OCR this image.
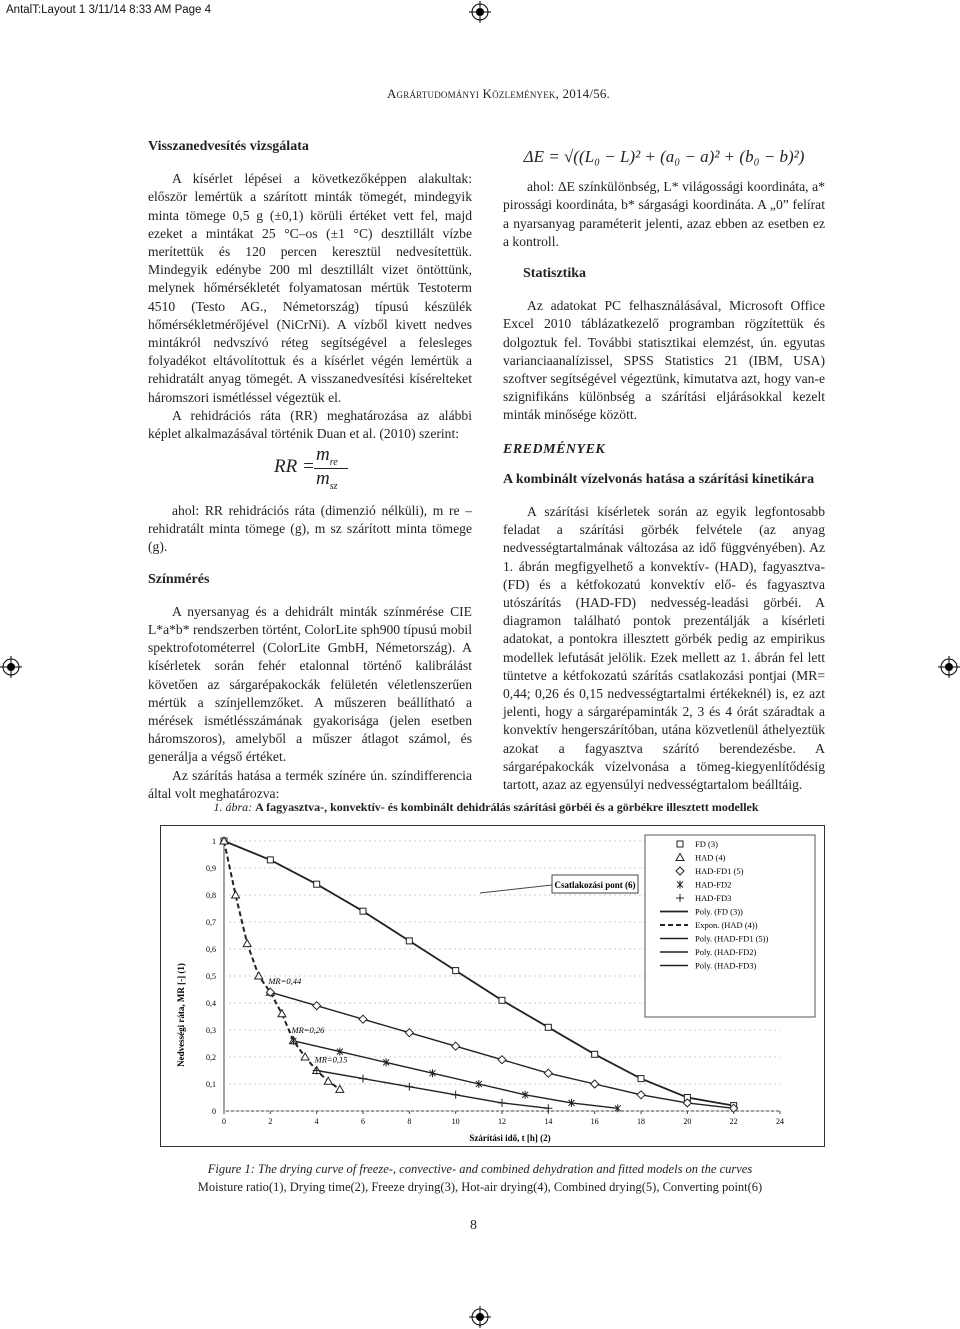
AntalT:Layout 1 3/11/14 8:33 AM Page 4
Agrártudományi Közlemények, 2014/56.
Visszanedvesítés vizsgálata

A kísérlet lépései a következőképpen alakultak: először lemértük a szárított minták tömegét, mindegyik minta tömege 0,5 g (±0,1) körüli értéket vett fel, majd ezeket a mintákat 25 °C–os (±1 °C) desztillált vízbe merítettük és 120 percen keresztül nedvesítettük. Mindegyik edénybe 200 ml desztillált vizet öntöttünk, melynek hőmérsékletét folyamatosan mértük Testoterm 4510 (Testo AG., Németország) típusú készülék hőmérsékletmérőjével (NiCrNi). A vízből kivett nedves mintákról nedvszívó réteg segítségével a felesleges folyadékot eltávolítottuk és a kísérlet végén lemértük a rehidratált anyag tömegét. A visszanedvesítési kísérelteket háromszori ismétléssel végeztük el.

A rehidrációs ráta (RR) meghatározása az alábbi képlet alkalmazásával történik Duan et al. (2010) szerint:

RR =
$m_{re}$
$m_{sz}$

ahol: RR rehidrációs ráta (dimenzió nélküli), m re – rehidratált minta tömege (g), m sz szárított minta tömege (g).

Színmérés

A nyersanyag és a dehidrált minták színmérése CIE L*a*b* rendszerben történt, ColorLite sph900 típusú mobil spektrofotométerrel (ColorLite GmbH, Németország). A kísérletek során fehér etalonnal történő kalibrálást követően az sárgarépakockák felületén véletlenszerűen mértük a színjellemzőket. A műszeren beállítható a mérések ismétlésszámának gyakorisága (jelen esetben háromszoros), amelyből a műszer átlagot számol, és generálja a végső értéket.

Az szárítás hatása a termék színére ún. színdifferencia által volt meghatározva:

ΔE = √((L₀ − L)² + (a₀ − a)² + (b₀ − b)²)

ahol: ΔE színkülönbség, L* világossági koordináta, a* pirossági koordináta, b* sárgasági koordináta. A „0” felírat a nyarsanyag paraméterit jelenti, azaz ebben az esetben ez a kontroll.

Statisztika

Az adatokat PC felhasználásával, Microsoft Office Excel 2010 táblázatkezelő programban rögzítettük és dolgoztuk fel. További statisztikai elemzést, ún. egyutas varianciaanalízissel, SPSS Statistics 21 (IBM, USA) szoftver segítségével végeztünk, kimutatva azt, hogy van-e szignifikáns különbség a szárítási eljárásokkal kezelt minták minősége között.

EREDMÉNYEK
A kombinált vízelvonás hatása a szárítási kinetikára

A szárítási kísérletek során az egyik legfontosabb feladat a szárítási görbék felvétele (az anyag nedvességtartalmának változása az idő függvényében). Az 1. ábrán megfigyelhető a konvektív- (HAD), fagyasztva- (FD) és a kétfokozatú konvektív elő- és fagyasztva utószárítás (HAD-FD) nedvesség-leadási görbéi. A diagramon található pontok prezentálják a kísérleti adatokat, a pontokra illesztett görbék pedig az empirikus modellek lefutását jelölik. Ezek mellett az 1. ábrán fel lett tüntetve a kétfokozatú szárítás csatlakozási pontjai (MR= 0,44; 0,26 és 0,15 nedvességtartalmi értékeknél) is, ez azt jelenti, hogy a sárgarépaminták 2, 3 és 4 órát száradtak a konvektív hengerszárítóban, utána közvetlenül áthelyeztük azokat a fagyasztva szárító berendezésbe. A sárgarépakockák vízelvonása a tömeg-kiegyenlítődésig tartott, azaz az egyensúlyi nedvességtartalom beálltáig.

1. ábra: A fagyasztva-, konvektív- és kombinált dehidrálás szárítási görbéi és a görbékre illesztett modellek
0
0,1
0,2
0,3
0,4
0,5
0,6
0,7
0,8
0,9
1
0	2	4	6	8	10	12	14	16	18	20	22	24
Nedvességi ráta, MR [-] (1)
Szárítási idő, t [h] (2)
Csatlakozási pont (6)
FD (3)
HAD (4)
HAD-FD1 (5)
HAD-FD2
HAD-FD3
Poly. (FD (3))
Expon. (HAD (4))
Poly. (HAD-FD1 (5))
Poly. (HAD-FD2)
Poly. (HAD-FD3)
MR=0,44
MR=0,26
MR=0,15
Figure 1: The drying curve of freeze-, convective- and combined dehydration and fitted models on the curves
Moisture ratio(1), Drying time(2), Freeze drying(3), Hot-air drying(4), Combined drying(5), Converting point(6)
8
